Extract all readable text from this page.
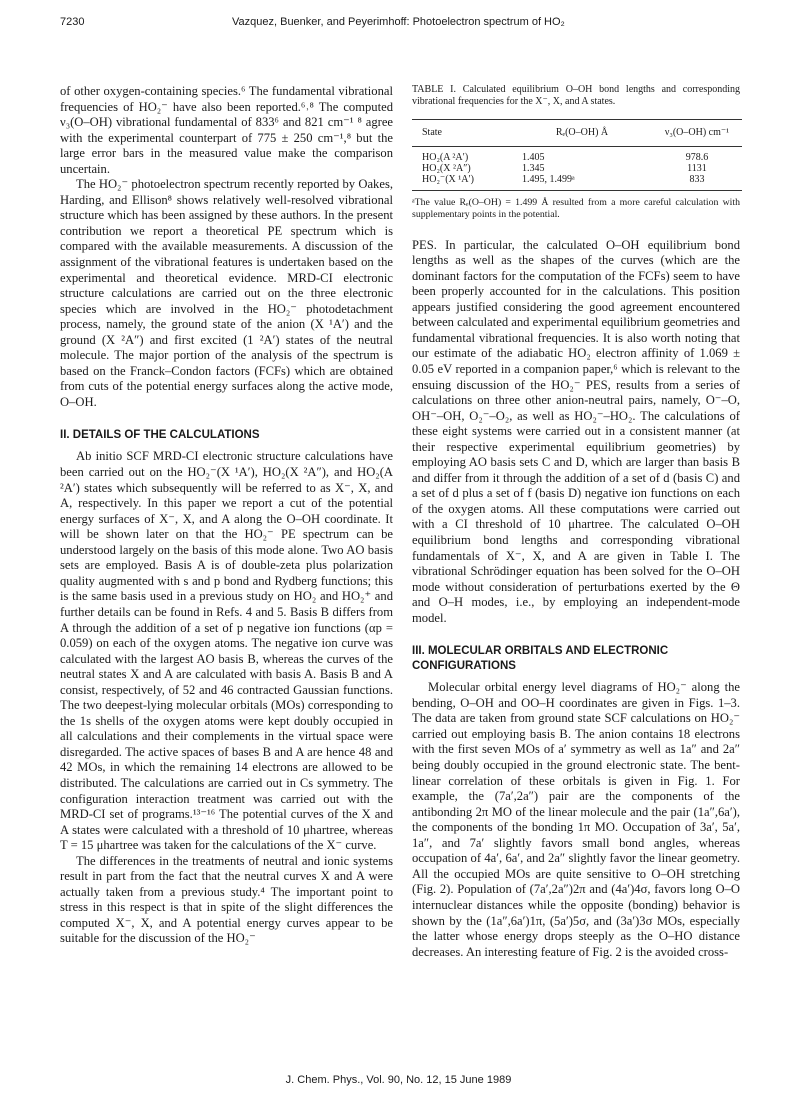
7230	Vazquez, Buenker, and Peyerimhoff: Photoelectron spectrum of HO₂

of other oxygen-containing species.⁶ The fundamental vibrational frequencies of HO₂⁻ have also been reported.⁶˒⁸ The computed ν₃(O–OH) vibrational fundamental of 833⁶ and 821 cm⁻¹ ⁸ agree with the experimental counterpart of 775 ± 250 cm⁻¹,⁸ but the large error bars in the measured value make the comparison uncertain.

The HO₂⁻ photoelectron spectrum recently reported by Oakes, Harding, and Ellison⁸ shows relatively well-resolved vibrational structure which has been assigned by these authors. In the present contribution we report a theoretical PE spectrum which is compared with the available measurements. A discussion of the assignment of the vibrational features is undertaken based on the experimental and theoretical evidence. MRD-CI electronic structure calculations are carried out on the three electronic species which are involved in the HO₂⁻ photodetachment process, namely, the ground state of the anion (X ¹A′) and the ground (X ²A″) and first excited (1 ²A′) states of the neutral molecule. The major portion of the analysis of the spectrum is based on the Franck–Condon factors (FCFs) which are obtained from cuts of the potential energy surfaces along the active mode, O–OH.

II. DETAILS OF THE CALCULATIONS

Ab initio SCF MRD-CI electronic structure calculations have been carried out on the HO₂⁻(X ¹A′), HO₂(X ²A″), and HO₂(A ²A′) states which subsequently will be referred to as X⁻, X, and A, respectively. In this paper we report a cut of the potential energy surfaces of X⁻, X, and A along the O–OH coordinate. It will be shown later on that the HO₂⁻ PE spectrum can be understood largely on the basis of this mode alone. Two AO basis sets are employed. Basis A is of double-zeta plus polarization quality augmented with s and p bond and Rydberg functions; this is the same basis used in a previous study on HO₂ and HO₂⁺ and further details can be found in Refs. 4 and 5. Basis B differs from A through the addition of a set of p negative ion functions (αp = 0.059) on each of the oxygen atoms. The negative ion curve was calculated with the largest AO basis B, whereas the curves of the neutral states X and A are calculated with basis A. Basis B and A consist, respectively, of 52 and 46 contracted Gaussian functions. The two deepest-lying molecular orbitals (MOs) corresponding to the 1s shells of the oxygen atoms were kept doubly occupied in all calculations and their complements in the virtual space were disregarded. The active spaces of bases B and A are hence 48 and 42 MOs, in which the remaining 14 electrons are allowed to be distributed. The calculations are carried out in Cs symmetry. The configuration interaction treatment was carried out with the MRD-CI set of programs.¹³⁻¹⁶ The potential curves of the X and A states were calculated with a threshold of 10 μhartree, whereas T = 15 μhartree was taken for the calculations of the X⁻ curve.

The differences in the treatments of neutral and ionic systems result in part from the fact that the neutral curves X and A were actually taken from a previous study.⁴ The important point to stress in this respect is that in spite of the slight differences the computed X⁻, X, and A potential energy curves appear to be suitable for the discussion of the HO₂⁻

TABLE I. Calculated equilibrium O–OH bond lengths and corresponding vibrational frequencies for the X⁻, X, and A states.

State	Rₑ(O–OH) Å	ν₃(O–OH) cm⁻¹

HO₂(A ²A′)	1.405	978.6
HO₂(X ²A″)	1.345	1131
HO₂⁻(X ¹A′)	1.495, 1.499ᵃ	833

ᵃThe value Rₑ(O–OH) = 1.499 Å resulted from a more careful calculation with supplementary points in the potential.

PES. In particular, the calculated O–OH equilibrium bond lengths as well as the shapes of the curves (which are the dominant factors for the computation of the FCFs) seem to have been properly accounted for in the calculations. This position appears justified considering the good agreement encountered between calculated and experimental equilibrium geometries and fundamental vibrational frequencies. It is also worth noting that our estimate of the adiabatic HO₂ electron affinity of 1.069 ± 0.05 eV reported in a companion paper,⁶ which is relevant to the ensuing discussion of the HO₂⁻ PES, results from a series of calculations on three other anion-neutral pairs, namely, O⁻–O, OH⁻–OH, O₂⁻–O₂, as well as HO₂⁻–HO₂. The calculations of these eight systems were carried out in a consistent manner (at their respective experimental equilibrium geometries) by employing AO basis sets C and D, which are larger than basis B and differ from it through the addition of a set of d (basis C) and a set of d plus a set of f (basis D) negative ion functions on each of the oxygen atoms. All these computations were carried out with a CI threshold of 10 μhartree. The calculated O–OH equilibrium bond lengths and corresponding vibrational fundamentals of X⁻, X, and A are given in Table I. The vibrational Schrödinger equation has been solved for the O–OH mode without consideration of perturbations exerted by the Θ and O–H modes, i.e., by employing an independent-mode model.

III. MOLECULAR ORBITALS AND ELECTRONIC CONFIGURATIONS

Molecular orbital energy level diagrams of HO₂⁻ along the bending, O–OH and OO–H coordinates are given in Figs. 1–3. The data are taken from ground state SCF calculations on HO₂⁻ carried out employing basis B. The anion contains 18 electrons with the first seven MOs of a′ symmetry as well as 1a″ and 2a″ being doubly occupied in the ground electronic state. The bent-linear correlation of these orbitals is given in Fig. 1. For example, the (7a′,2a″) pair are the components of the antibonding 2π MO of the linear molecule and the pair (1a″,6a′), the components of the bonding 1π MO. Occupation of 3a′, 5a′, 1a″, and 7a′ slightly favors small bond angles, whereas occupation of 4a′, 6a′, and 2a″ slightly favor the linear geometry. All the occupied MOs are quite sensitive to O–OH stretching (Fig. 2). Population of (7a′,2a″)2π and (4a′)4σ, favors long O–O internuclear distances while the opposite (bonding) behavior is shown by the (1a″,6a′)1π, (5a′)5σ, and (3a′)3σ MOs, especially the latter whose energy drops steeply as the O–HO distance decreases. An interesting feature of Fig. 2 is the avoided cross-

J. Chem. Phys., Vol. 90, No. 12, 15 June 1989
